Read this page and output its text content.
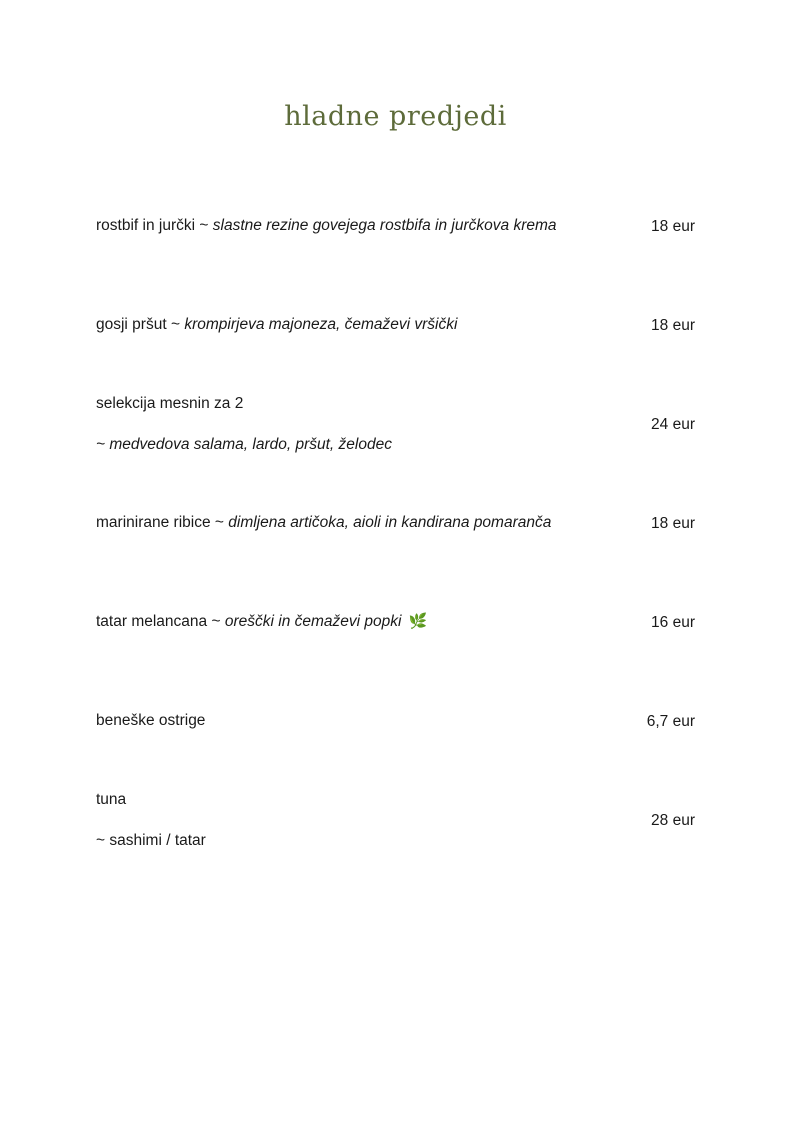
hladne predjedi
rostbif in jurčki ~ slastne rezine govejega rostbifa in jurčkova krema	18 eur
gosji pršut ~ krompirjeva majoneza, čemaževi vršički	18 eur
selekcija mesnin za 2
~ medvedova salama, lardo, pršut, želodec
24 eur
marinirane ribice ~ dimljena artičoka, aioli in kandirana pomaranča	18 eur
tatar melancana ~ oreščki in čemaževi popki 🌿	16 eur
beneške ostrige	6,7 eur
tuna
~ sashimi / tatar
28 eur
